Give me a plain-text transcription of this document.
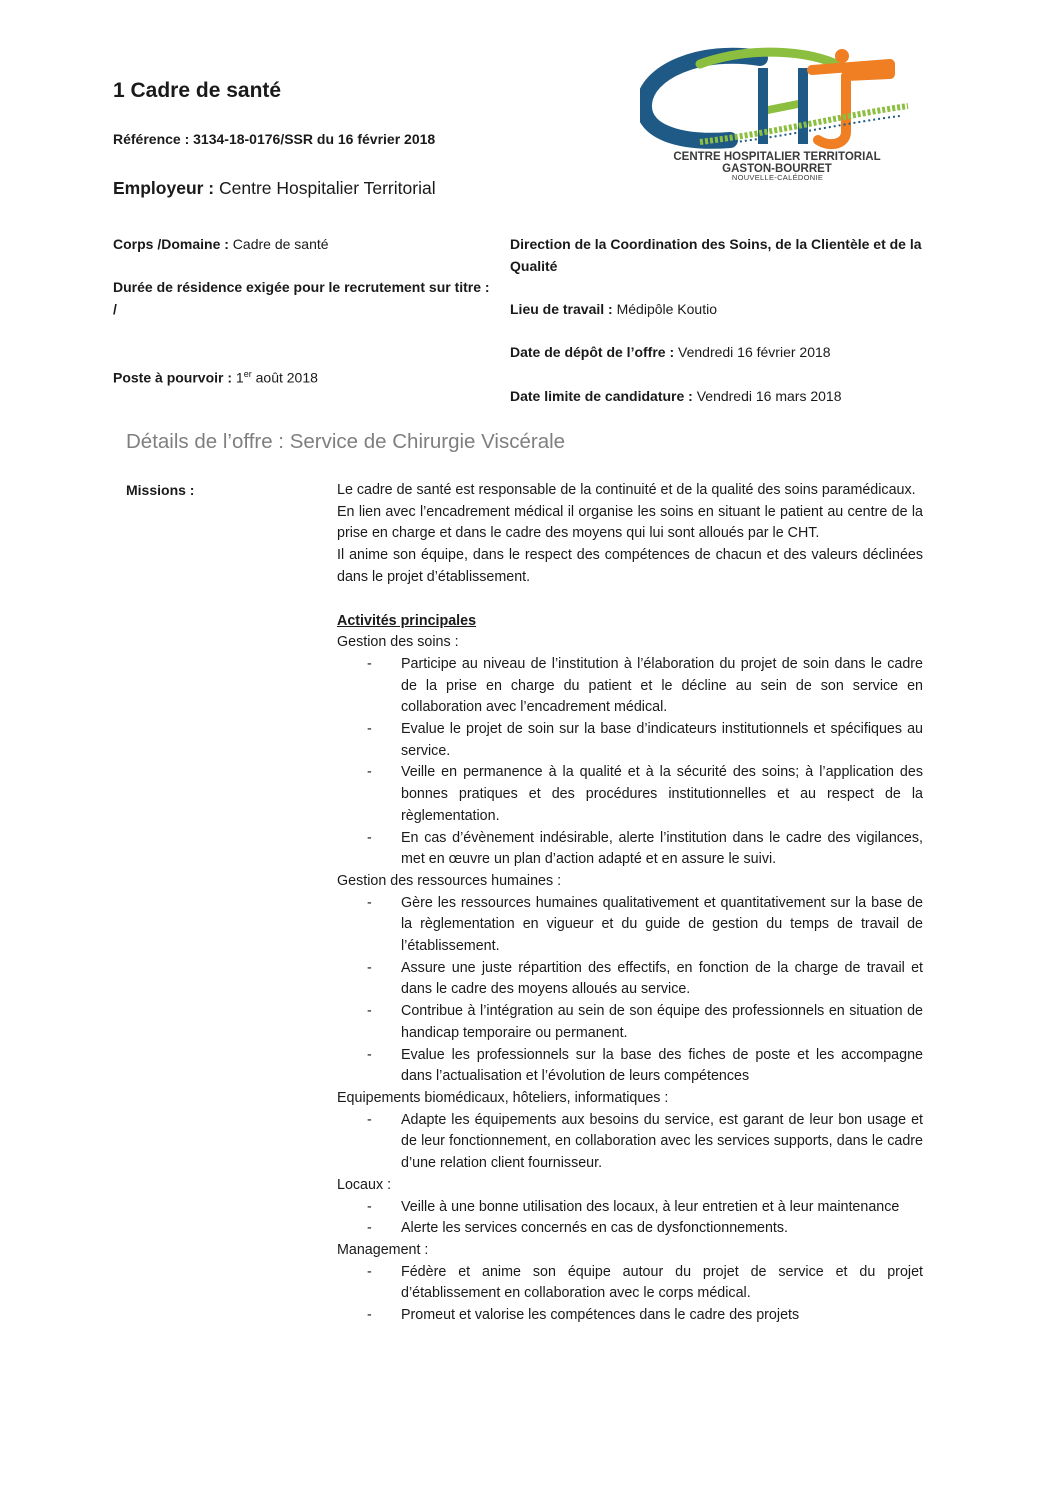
1 Cadre de santé
Référence : 3134-18-0176/SSR du 16 février 2018
Employeur : Centre Hospitalier Territorial
CENTRE HOSPITALIER TERRITORIAL
GASTON-BOURRET
NOUVELLE-CALÉDONIE
Corps /Domaine : Cadre de santé
Durée de résidence exigée pour le recrutement sur titre : /
Poste à pourvoir : 1er août 2018
Direction de la Coordination des Soins, de la Clientèle et de la Qualité
Lieu de travail : Médipôle Koutio
Date de dépôt de l’offre : Vendredi 16 février 2018
Date limite de candidature : Vendredi 16 mars 2018
Détails de l’offre : Service de Chirurgie Viscérale
Missions :	Le cadre de santé est responsable de la continuité et de la qualité des soins paramédicaux.

En lien avec l’encadrement médical il organise les soins en situant le patient au centre de la prise en charge et dans le cadre des moyens qui lui sont alloués par le CHT.

Il anime son équipe, dans le respect des compétences de chacun et des valeurs déclinées dans le projet d’établissement.

Activités principales

Gestion des soins :

- Participe au niveau de l’institution à l’élaboration du projet de soin dans le cadre de la prise en charge du patient et le décline au sein de son service en collaboration avec l’encadrement médical.
- Evalue le projet de soin sur la base d’indicateurs institutionnels et spécifiques au service.
- Veille en permanence à la qualité et à la sécurité des soins; à l’application des bonnes pratiques et des procédures institutionnelles et au respect de la règlementation.
- En cas d’évènement indésirable, alerte l’institution dans le cadre des vigilances, met en œuvre un plan d’action adapté et en assure le suivi.

Gestion des ressources humaines :

- Gère les ressources humaines qualitativement et quantitativement sur la base de la règlementation en vigueur et du guide de gestion du temps de travail de l’établissement.
- Assure une juste répartition des effectifs, en fonction de la charge de travail et dans le cadre des moyens alloués au service.
- Contribue à l’intégration au sein de son équipe des professionnels en situation de handicap temporaire ou permanent.
- Evalue les professionnels sur la base des fiches de poste et les accompagne dans l’actualisation et l’évolution de leurs compétences

Equipements biomédicaux, hôteliers, informatiques :

- Adapte les équipements aux besoins du service, est garant de leur bon usage et de leur fonctionnement, en collaboration avec les services supports, dans le cadre d’une relation client fournisseur.

Locaux :

- Veille à une bonne utilisation des locaux, à leur entretien et à leur maintenance
- Alerte les services concernés en cas de dysfonctionnements.

Management :

- Fédère et anime son équipe autour du projet de service et du projet d’établissement en collaboration avec le corps médical.
- Promeut et valorise les compétences dans le cadre des projets
